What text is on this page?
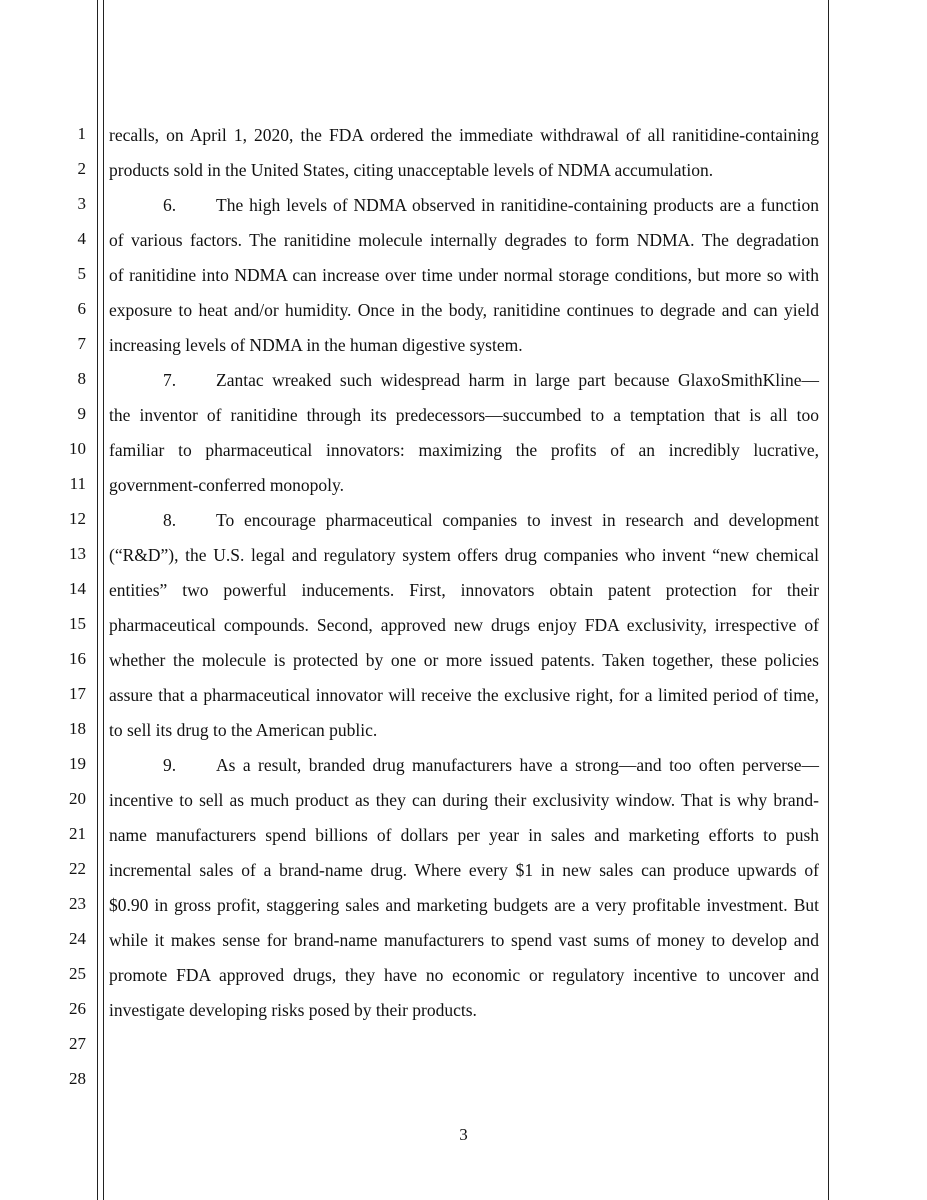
1
2
3
4
5
6
7
8
9
10
11
12
13
14
15
16
17
18
19
20
21
22
23
24
25
26
27
28
recalls, on April 1, 2020, the FDA ordered the immediate withdrawal of all ranitidine-containing
products sold in the United States, citing unacceptable levels of NDMA accumulation.
6. The high levels of NDMA observed in ranitidine-containing products are a function
of various factors. The ranitidine molecule internally degrades to form NDMA. The degradation
of ranitidine into NDMA can increase over time under normal storage conditions, but more so with
exposure to heat and/or humidity. Once in the body, ranitidine continues to degrade and can yield
increasing levels of NDMA in the human digestive system.
7. Zantac wreaked such widespread harm in large part because GlaxoSmithKline—
the inventor of ranitidine through its predecessors—succumbed to a temptation that is all too
familiar to pharmaceutical innovators: maximizing the profits of an incredibly lucrative,
government-conferred monopoly.
8. To encourage pharmaceutical companies to invest in research and development
(“R&D”), the U.S. legal and regulatory system offers drug companies who invent “new chemical
entities” two powerful inducements. First, innovators obtain patent protection for their
pharmaceutical compounds. Second, approved new drugs enjoy FDA exclusivity, irrespective of
whether the molecule is protected by one or more issued patents. Taken together, these policies
assure that a pharmaceutical innovator will receive the exclusive right, for a limited period of time,
to sell its drug to the American public.
9. As a result, branded drug manufacturers have a strong—and too often perverse—
incentive to sell as much product as they can during their exclusivity window. That is why brand-
name manufacturers spend billions of dollars per year in sales and marketing efforts to push
incremental sales of a brand-name drug. Where every $1 in new sales can produce upwards of
$0.90 in gross profit, staggering sales and marketing budgets are a very profitable investment. But
while it makes sense for brand-name manufacturers to spend vast sums of money to develop and
promote FDA approved drugs, they have no economic or regulatory incentive to uncover and
investigate developing risks posed by their products.
3
